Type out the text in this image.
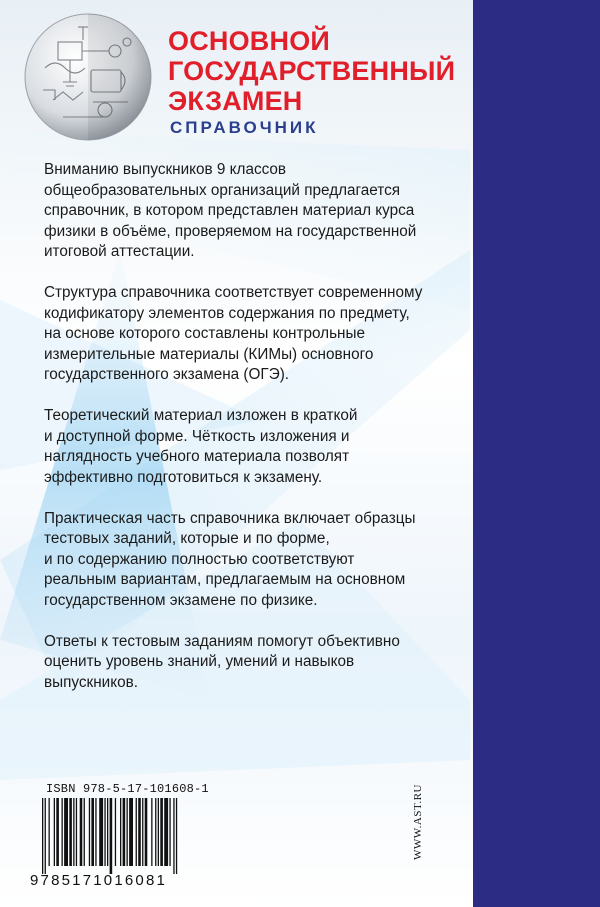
ОСНОВНОЙ
ГОСУДАРСТВЕННЫЙ
ЭКЗАМЕН
СПРАВОЧНИК

Вниманию выпускников 9 классов
общеобразовательных организаций предлагается
справочник, в котором представлен материал курса
физики в объёме, проверяемом на государственной
итоговой аттестации.

Структура справочника соответствует современному
кодификатору элементов содержания по предмету,
на основе которого составлены контрольные
измерительные материалы (КИМы) основного
государственного экзамена (ОГЭ).

Теоретический материал изложен в краткой
и доступной форме. Чёткость изложения и
наглядность учебного материала позволят
эффективно подготовиться к экзамену.

Практическая часть справочника включает образцы
тестовых заданий, которые и по форме,
и по содержанию полностью соответствуют
реальным вариантам, предлагаемым на основном
государственном экзамене по физике.

Ответы к тестовым заданиям помогут объективно
оценить уровень знаний, умений и навыков
выпускников.

ISBN 978-5-17-101608-1
9785171016081
WWW.AST.RU
